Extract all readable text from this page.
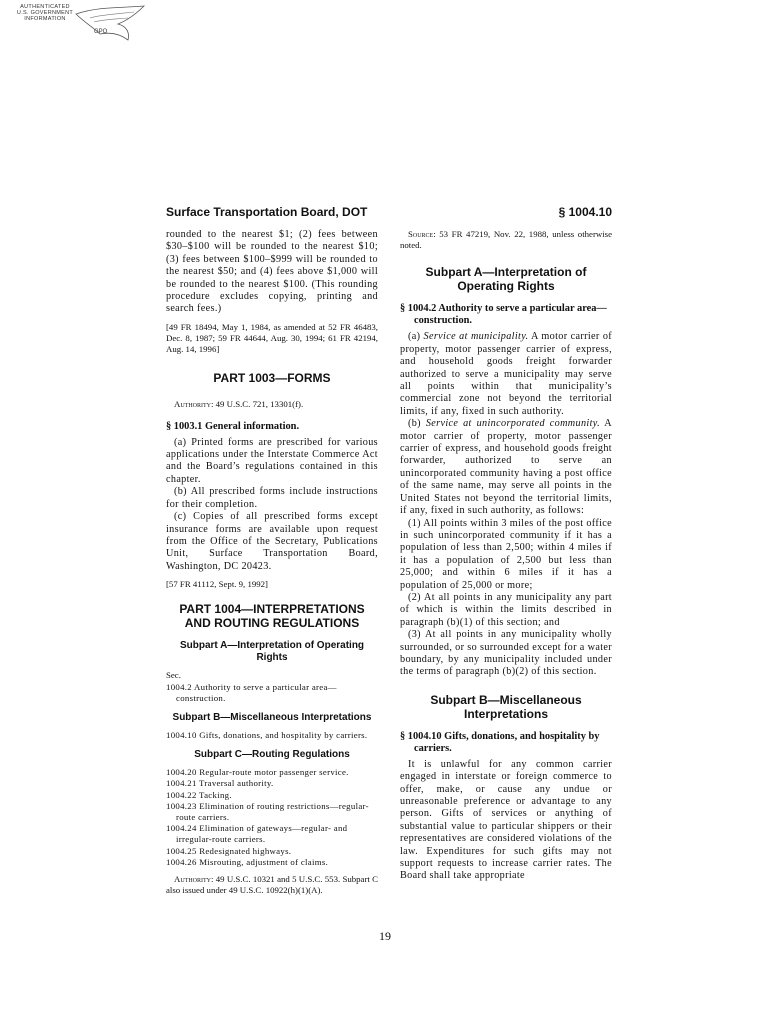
AUTHENTICATED
U.S. GOVERNMENT
INFORMATION
GPO
Surface Transportation Board, DOT	§ 1004.10

rounded to the nearest $1; (2) fees between $30–$100 will be rounded to the nearest $10; (3) fees between $100–$999 will be rounded to the nearest $50; and (4) fees above $1,000 will be rounded to the nearest $100. (This rounding procedure excludes copying, printing and search fees.)

[49 FR 18494, May 1, 1984, as amended at 52 FR 46483, Dec. 8, 1987; 59 FR 44644, Aug. 30, 1994; 61 FR 42194, Aug. 14, 1996]

PART 1003—FORMS

Authority: 49 U.S.C. 721, 13301(f).

§ 1003.1 General information.

(a) Printed forms are prescribed for various applications under the Interstate Commerce Act and the Board’s regulations contained in this chapter.

(b) All prescribed forms include instructions for their completion.

(c) Copies of all prescribed forms except insurance forms are available upon request from the Office of the Secretary, Publications Unit, Surface Transportation Board, Washington, DC 20423.

[57 FR 41112, Sept. 9, 1992]

PART 1004—INTERPRETATIONS AND ROUTING REGULATIONS
Subpart A—Interpretation of Operating Rights
Sec.
1004.2 Authority to serve a particular area—construction.
Subpart B—Miscellaneous Interpretations
1004.10 Gifts, donations, and hospitality by carriers.
Subpart C—Routing Regulations
1004.20 Regular-route motor passenger service.
1004.21 Traversal authority.
1004.22 Tacking.
1004.23 Elimination of routing restrictions—regular-route carriers.
1004.24 Elimination of gateways—regular- and irregular-route carriers.
1004.25 Redesignated highways.
1004.26 Misrouting, adjustment of claims.

Authority: 49 U.S.C. 10321 and 5 U.S.C. 553. Subpart C also issued under 49 U.S.C. 10922(h)(1)(A).

Source: 53 FR 47219, Nov. 22, 1988, unless otherwise noted.

Subpart A—Interpretation of Operating Rights
§ 1004.2 Authority to serve a particular area—construction.

(a) Service at municipality. A motor carrier of property, motor passenger carrier of express, and household goods freight forwarder authorized to serve a municipality may serve all points within that municipality’s commercial zone not beyond the territorial limits, if any, fixed in such authority.

(b) Service at unincorporated community. A motor carrier of property, motor passenger carrier of express, and household goods freight forwarder, authorized to serve an unincorporated community having a post office of the same name, may serve all points in the United States not beyond the territorial limits, if any, fixed in such authority, as follows:

(1) All points within 3 miles of the post office in such unincorporated community if it has a population of less than 2,500; within 4 miles if it has a population of 2,500 but less than 25,000; and within 6 miles if it has a population of 25,000 or more;

(2) At all points in any municipality any part of which is within the limits described in paragraph (b)(1) of this section; and

(3) At all points in any municipality wholly surrounded, or so surrounded except for a water boundary, by any municipality included under the terms of paragraph (b)(2) of this section.

Subpart B—Miscellaneous Interpretations
§ 1004.10 Gifts, donations, and hospitality by carriers.

It is unlawful for any common carrier engaged in interstate or foreign commerce to offer, make, or cause any undue or unreasonable preference or advantage to any person. Gifts of services or anything of substantial value to particular shippers or their representatives are considered violations of the law. Expenditures for such gifts may not support requests to increase carrier rates. The Board shall take appropriate

19
